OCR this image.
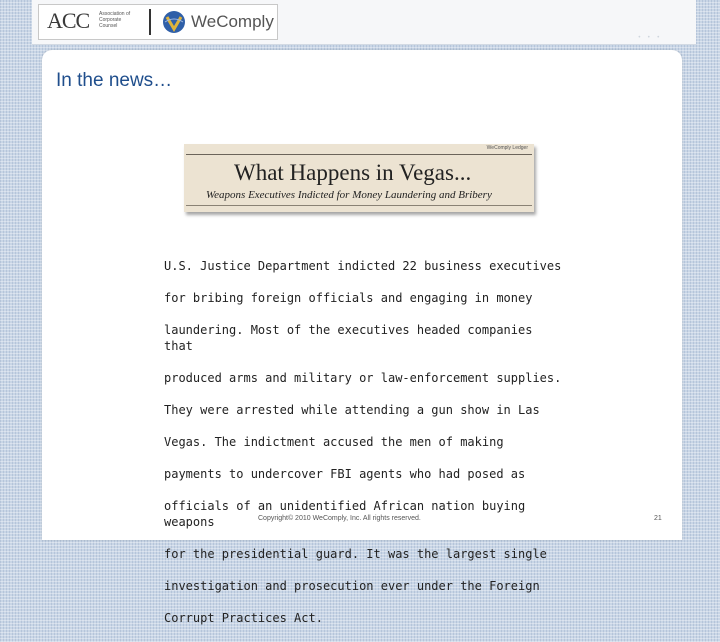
• • •
ACC Association of Corporate Counsel	WeComply
In the news…
WeComply Ledger
What Happens in Vegas...
Weapons Executives Indicted for Money Laundering and Bribery

U.S. Justice Department indicted 22 business executives

for bribing foreign officials and engaging in money

laundering. Most of the executives headed companies that

produced arms and military or law-enforcement supplies.

They were arrested while attending a gun show in Las

Vegas. The indictment accused the men of making

payments to undercover FBI agents who had posed as

officials of an unidentified African nation buying weapons

for the presidential guard. It was the largest single

investigation and prosecution ever under the Foreign

Corrupt Practices Act.

Copyright© 2010 WeComply, Inc. All rights reserved.	21
